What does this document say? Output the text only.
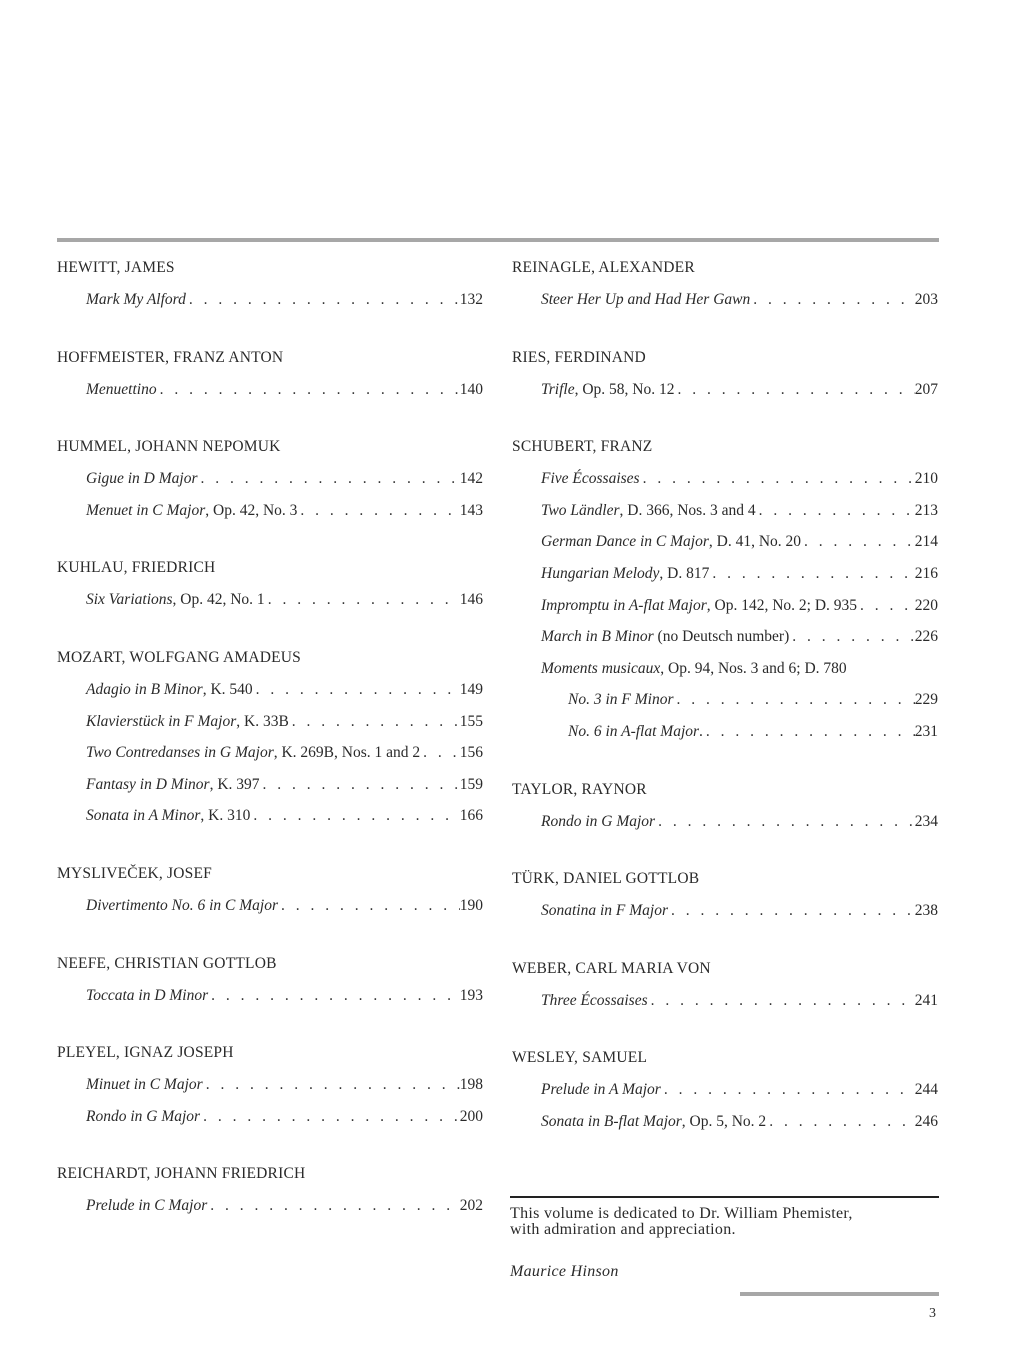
HEWITT, JAMES
Mark My Alford . . .	132
HOFFMEISTER, FRANZ ANTON
Menuettino . . .	140
HUMMEL, JOHANN NEPOMUK
Gigue in D Major . . .	142
Menuet in C Major , Op. 42, No. 3 . . .	143
KUHLAU, FRIEDRICH
Six Variations , Op. 42, No. 1 . . .	146
MOZART, WOLFGANG AMADEUS
Adagio in B Minor , K. 540 . . .	149
Klavierstück in F Major , K. 33B . . .	155
Two Contredanses in G Major , K. 269B, Nos. 1 and 2 . . .	156
Fantasy in D Minor , K. 397 . . .	159
Sonata in A Minor , K. 310 . . .	166
MYSLIVEČEK, JOSEF
Divertimento No. 6 in C Major . . .	190
NEEFE, CHRISTIAN GOTTLOB
Toccata in D Minor . . .	193
PLEYEL, IGNAZ JOSEPH
Minuet in C Major . . .	198
Rondo in G Major . . .	200
REICHARDT, JOHANN FRIEDRICH
Prelude in C Major . . .	202
REINAGLE, ALEXANDER
Steer Her Up and Had Her Gawn . . .	203
RIES, FERDINAND
Trifle , Op. 58, No. 12 . . .	207
SCHUBERT, FRANZ
Five Écossaises . . .	210
Two Ländler , D. 366, Nos. 3 and 4 . . .	213
German Dance in C Major , D. 41, No. 20 . . .	214
Hungarian Melody , D. 817 . . .	216
Impromptu in A-flat Major , Op. 142, No. 2; D. 935 . . .	220
March in B Minor (no Deutsch number) . . .	226
Moments musicaux , Op. 94, Nos. 3 and 6; D. 780
No. 3 in F Minor . . .	229
No. 6 in A-flat Major . . . .	231
TAYLOR, RAYNOR
Rondo in G Major . . .	234
TÜRK, DANIEL GOTTLOB
Sonatina in F Major . . .	238
WEBER, CARL MARIA VON
Three Écossaises . . .	241
WESLEY, SAMUEL
Prelude in A Major . . .	244
Sonata in B-flat Major , Op. 5, No. 2 . . .	246
This volume is dedicated to Dr. William Phemister,
with admiration and appreciation.
Maurice Hinson
3
